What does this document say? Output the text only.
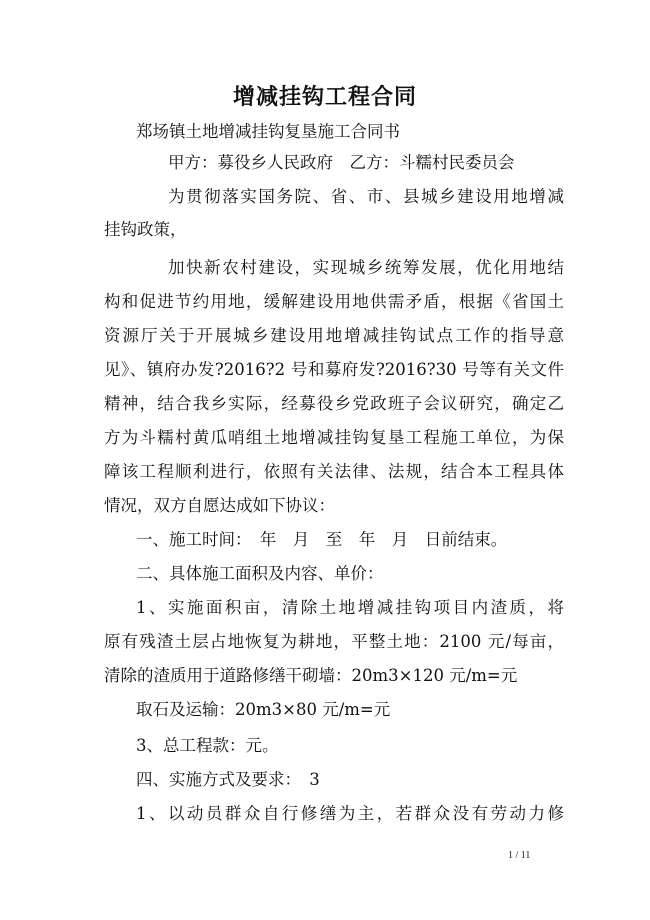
增减挂钩工程合同
郑场镇土地增减挂钩复垦施工合同书
甲方：募役乡人民政府　乙方：斗糯村民委员会
为贯彻落实国务院、省、市、县城乡建设用地增减
挂钩政策，
加快新农村建设，实现城乡统筹发展，优化用地结
构和促进节约用地，缓解建设用地供需矛盾，根据《省国土
资源厅关于开展城乡建设用地增减挂钩试点工作的指导意
见》、镇府办发?2016?2 号和募府发?2016?30 号等有关文件
精神，结合我乡实际，经募役乡党政班子会议研究，确定乙
方为斗糯村黄瓜哨组土地增减挂钩复垦工程施工单位，为保
障该工程顺利进行，依照有关法律、法规，结合本工程具体
情况，双方自愿达成如下协议：
一、施工时间：　年　月　至　年　月　日前结束。
二、具体施工面积及内容、单价：
1、实施面积亩，清除土地增减挂钩项目内渣质，将
原有残渣土层占地恢复为耕地，平整土地：2100 元/每亩，
清除的渣质用于道路修缮干砌墙：20m3×120 元/m=元
取石及运输：20m3×80 元/m=元
3、总工程款：元。
四、实施方式及要求：　3
1、以动员群众自行修缮为主，若群众没有劳动力修
1 / 11
